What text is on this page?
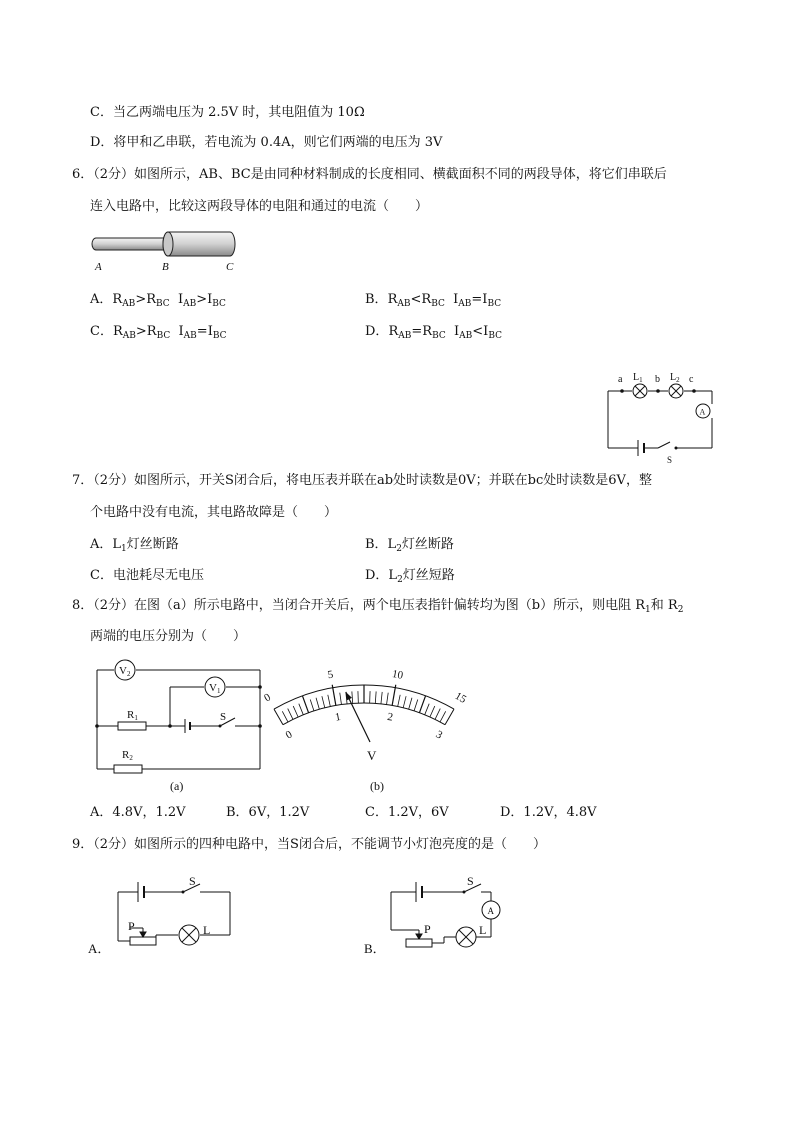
C．当乙两端电压为 2.5V 时，其电阻值为 10Ω
D．将甲和乙串联，若电流为 0.4A，则它们两端的电压为 3V
6．（2分）如图所示，AB、BC是由同种材料制成的长度相同、横截面积不同的两段导体，将它们串联后
连入电路中，比较这两段导体的电阻和通过的电流（　　）
A	B	C
A．$R_{AB}>R_{BC}$ $I_{AB}>I_{BC}$	B．$R_{AB}<R_{BC}$ $I_{AB}=I_{BC}$
C．$R_{AB}>R_{BC}$ $I_{AB}=I_{BC}$	D．$R_{AB}=R_{BC}$ $I_{AB}<I_{BC}$
a $L_1$ b $L_2$ c
A
S
7．（2分）如图所示，开关S闭合后，将电压表并联在ab处时读数是0V；并联在bc处时读数是6V，整
个电路中没有电流，其电路故障是（　　）
A．$L_1$灯丝断路	B．$L_2$灯丝断路
C．电池耗尽无电压	D．$L_2$灯丝短路
8．（2分）在图（a）所示电路中，当闭合开关后，两个电压表指针偏转均为图（b）所示，则电阻 $R_1$和 $R_2$
两端的电压分别为（　　）
V2
V1
R1	S
R2
(a)
0
5	10
15
0
1	2
3
V
(b)
A．4.8V，1.2V	B．6V，1.2V	C．1.2V，6V	D．1.2V，4.8V
9．（2分）如图所示的四种电路中，当S闭合后，不能调节小灯泡亮度的是（　　）
S
P	L
A．
S
A
P	L
B．
